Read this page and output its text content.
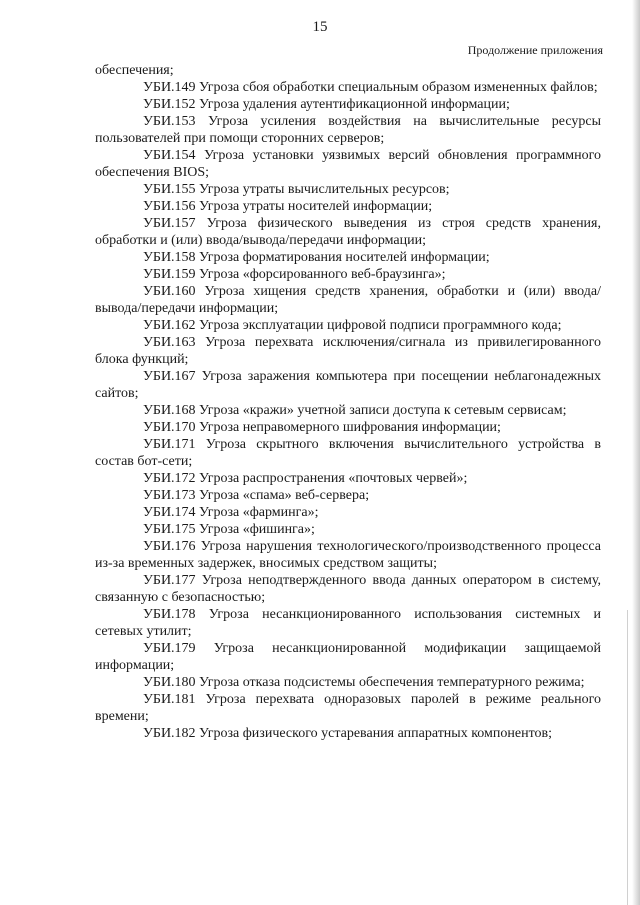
15
Продолжение приложения

обеспечения;

УБИ.149 Угроза сбоя обработки специальным образом измененных файлов;

УБИ.152 Угроза удаления аутентификационной информации;

УБИ.153 Угроза усиления воздействия на вычислительные ресурсы пользователей при помощи сторонних серверов;

УБИ.154 Угроза установки уязвимых версий обновления программного обеспечения BIOS;

УБИ.155 Угроза утраты вычислительных ресурсов;

УБИ.156 Угроза утраты носителей информации;

УБИ.157 Угроза физического выведения из строя средств хранения, обработки и (или) ввода/вывода/передачи информации;

УБИ.158 Угроза форматирования носителей информации;

УБИ.159 Угроза «форсированного веб-браузинга»;

УБИ.160 Угроза хищения средств хранения, обработки и (или) ввода/вывода/передачи информации;

УБИ.162 Угроза эксплуатации цифровой подписи программного кода;

УБИ.163 Угроза перехвата исключения/сигнала из привилегированного блока функций;

УБИ.167 Угроза заражения компьютера при посещении неблагонадежных сайтов;

УБИ.168 Угроза «кражи» учетной записи доступа к сетевым сервисам;

УБИ.170 Угроза неправомерного шифрования информации;

УБИ.171 Угроза скрытного включения вычислительного устройства в состав бот-сети;

УБИ.172 Угроза распространения «почтовых червей»;

УБИ.173 Угроза «спама» веб-сервера;

УБИ.174 Угроза «фарминга»;

УБИ.175 Угроза «фишинга»;

УБИ.176 Угроза нарушения технологического/производственного процесса из-за временных задержек, вносимых средством защиты;

УБИ.177 Угроза неподтвержденного ввода данных оператором в систему, связанную с безопасностью;

УБИ.178 Угроза несанкционированного использования системных и сетевых утилит;

УБИ.179 Угроза несанкционированной модификации защищаемой информации;

УБИ.180 Угроза отказа подсистемы обеспечения температурного режима;

УБИ.181 Угроза перехвата одноразовых паролей в режиме реального времени;

УБИ.182 Угроза физического устаревания аппаратных компонентов;
